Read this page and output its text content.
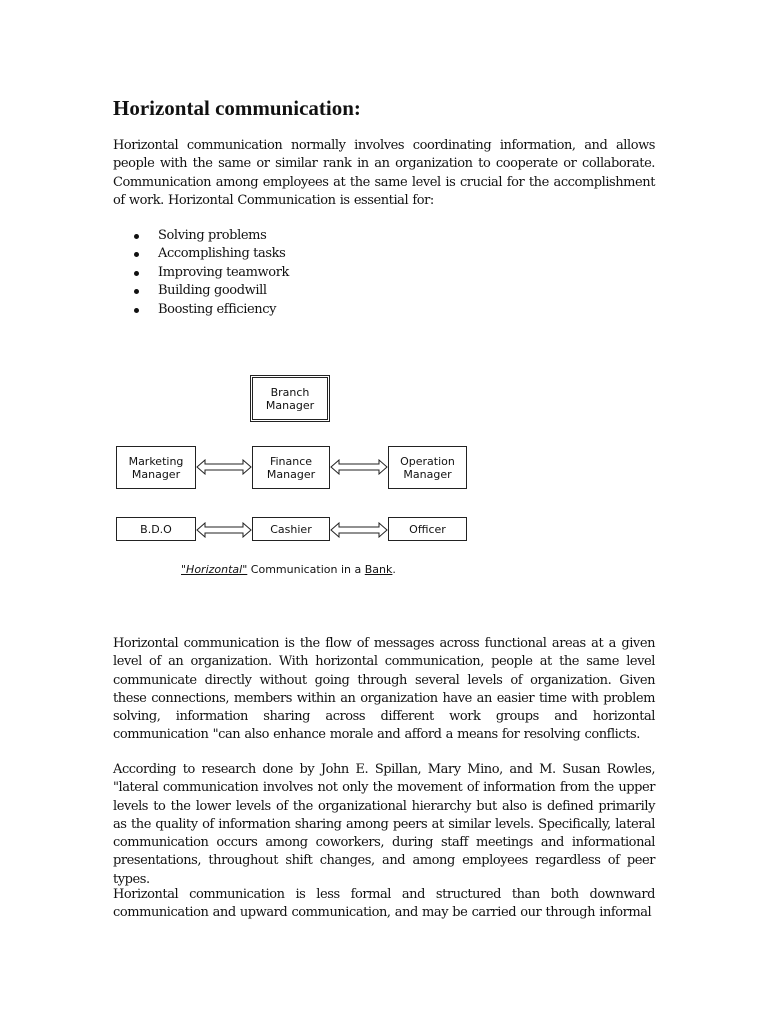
Horizontal communication:

Horizontal communication normally involves coordinating information, and allows people with the same or similar rank in an organization to cooperate or collaborate. Communication among employees at the same level is crucial for the accomplishment of work. Horizontal Communication is essential for:

Solving problems
Accomplishing tasks
Improving teamwork
Building goodwill
Boosting efficiency

Horizontal communication is the flow of messages across functional areas at a given level of an organization. With horizontal communication, people at the same level communicate directly without going through several levels of organization. Given these connections, members within an organization have an easier time with problem solving, information sharing across different work groups and horizontal communication "can also enhance morale and afford a means for resolving conflicts.

According to research done by John E. Spillan, Mary Mino, and M. Susan Rowles, "lateral communication involves not only the movement of information from the upper levels to the lower levels of the organizational hierarchy but also is defined primarily as the quality of information sharing among peers at similar levels. Specifically, lateral communication occurs among coworkers, during staff meetings and informational presentations, throughout shift changes, and among employees regardless of peer types.

Horizontal communication is less formal and structured than both downward communication and upward communication, and may be carried our through informal

Branch
Manager
Marketing
Manager
Finance
Manager
Operation
Manager
B.D.O	Cashier	Officer
"Horizontal" Communication in a Bank.
